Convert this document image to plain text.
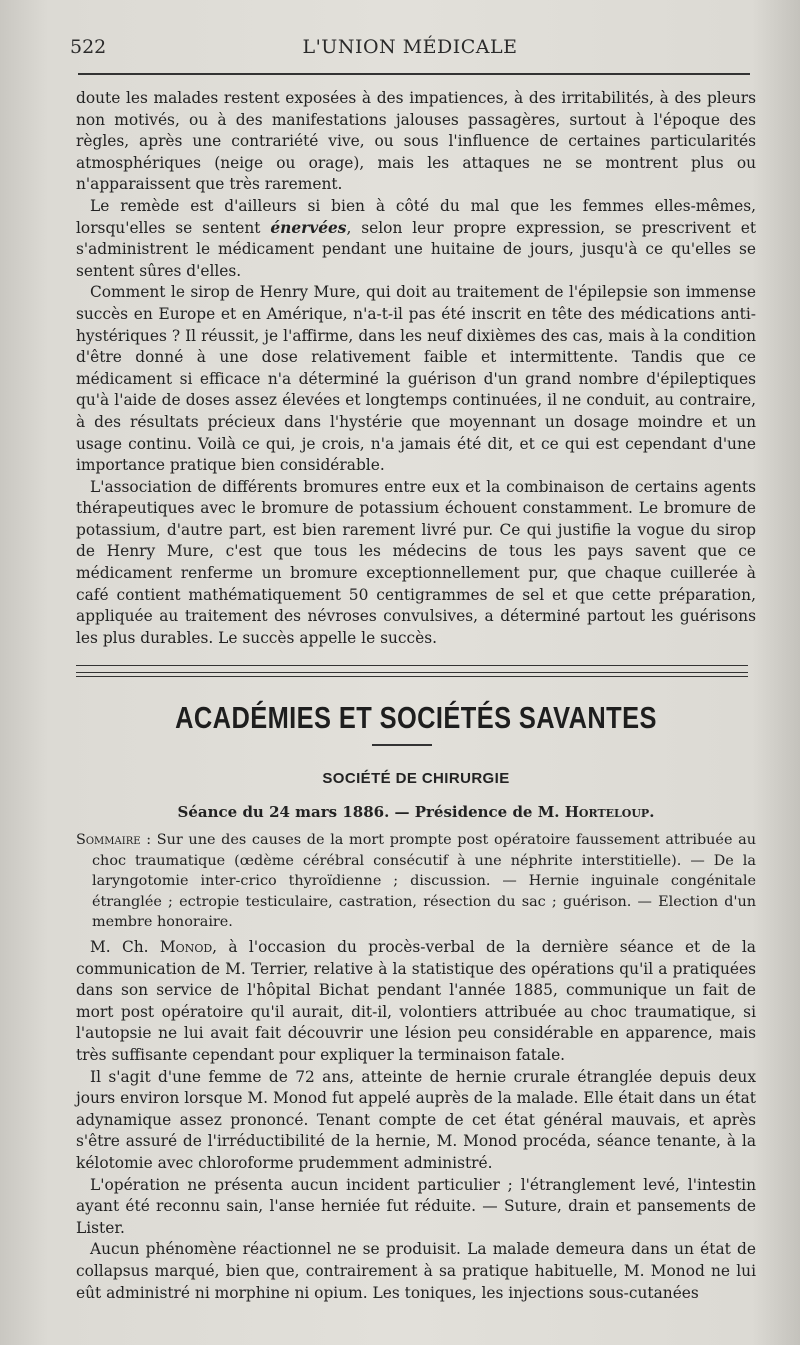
522	L'UNION MÉDICALE

doute les malades restent exposées à des impatiences, à des irritabilités, à des pleurs non motivés, ou à des manifestations jalouses passagères, surtout à l'époque des règles, après une contrariété vive, ou sous l'influence de certaines particularités atmosphériques (neige ou orage), mais les attaques ne se montrent plus ou n'apparaissent que très rarement.

Le remède est d'ailleurs si bien à côté du mal que les femmes elles-mêmes, lorsqu'elles se sentent énervées, selon leur propre expression, se prescrivent et s'administrent le médicament pendant une huitaine de jours, jusqu'à ce qu'elles se sentent sûres d'elles.

Comment le sirop de Henry Mure, qui doit au traitement de l'épilepsie son immense succès en Europe et en Amérique, n'a-t-il pas été inscrit en tête des médications anti-hystériques ? Il réussit, je l'affirme, dans les neuf dixièmes des cas, mais à la condition d'être donné à une dose relativement faible et intermittente. Tandis que ce médicament si efficace n'a déterminé la guérison d'un grand nombre d'épileptiques qu'à l'aide de doses assez élevées et longtemps continuées, il ne conduit, au contraire, à des résultats précieux dans l'hystérie que moyennant un dosage moindre et un usage continu. Voilà ce qui, je crois, n'a jamais été dit, et ce qui est cependant d'une importance pratique bien considérable.

L'association de différents bromures entre eux et la combinaison de certains agents thérapeutiques avec le bromure de potassium échouent constamment. Le bromure de potassium, d'autre part, est bien rarement livré pur. Ce qui justifie la vogue du sirop de Henry Mure, c'est que tous les médecins de tous les pays savent que ce médicament renferme un bromure exceptionnellement pur, que chaque cuillerée à café contient mathématiquement 50 centigrammes de sel et que cette préparation, appliquée au traitement des névroses convulsives, a déterminé partout les guérisons les plus durables. Le succès appelle le succès.

ACADÉMIES ET SOCIÉTÉS SAVANTES
SOCIÉTÉ DE CHIRURGIE
Séance du 24 mars 1886. — Présidence de M. Horteloup.
Sommaire : Sur une des causes de la mort prompte post opératoire faussement attribuée au choc traumatique (œdème cérébral consécutif à une néphrite interstitielle). — De la laryngotomie inter-crico thyroïdienne ; discussion. — Hernie inguinale congénitale étranglée ; ectropie testiculaire, castration, résection du sac ; guérison. — Election d'un membre honoraire.

M. Ch. Monod, à l'occasion du procès-verbal de la dernière séance et de la communication de M. Terrier, relative à la statistique des opérations qu'il a pratiquées dans son service de l'hôpital Bichat pendant l'année 1885, communique un fait de mort post opératoire qu'il aurait, dit-il, volontiers attribuée au choc traumatique, si l'autopsie ne lui avait fait découvrir une lésion peu considérable en apparence, mais très suffisante cependant pour expliquer la terminaison fatale.

Il s'agit d'une femme de 72 ans, atteinte de hernie crurale étranglée depuis deux jours environ lorsque M. Monod fut appelé auprès de la malade. Elle était dans un état adynamique assez prononcé. Tenant compte de cet état général mauvais, et après s'être assuré de l'irréductibilité de la hernie, M. Monod procéda, séance tenante, à la kélotomie avec chloroforme prudemment administré.

L'opération ne présenta aucun incident particulier ; l'étranglement levé, l'intestin ayant été reconnu sain, l'anse herniée fut réduite. — Suture, drain et pansements de Lister.

Aucun phénomène réactionnel ne se produisit. La malade demeura dans un état de collapsus marqué, bien que, contrairement à sa pratique habituelle, M. Monod ne lui eût administré ni morphine ni opium. Les toniques, les injections sous-cutanées
